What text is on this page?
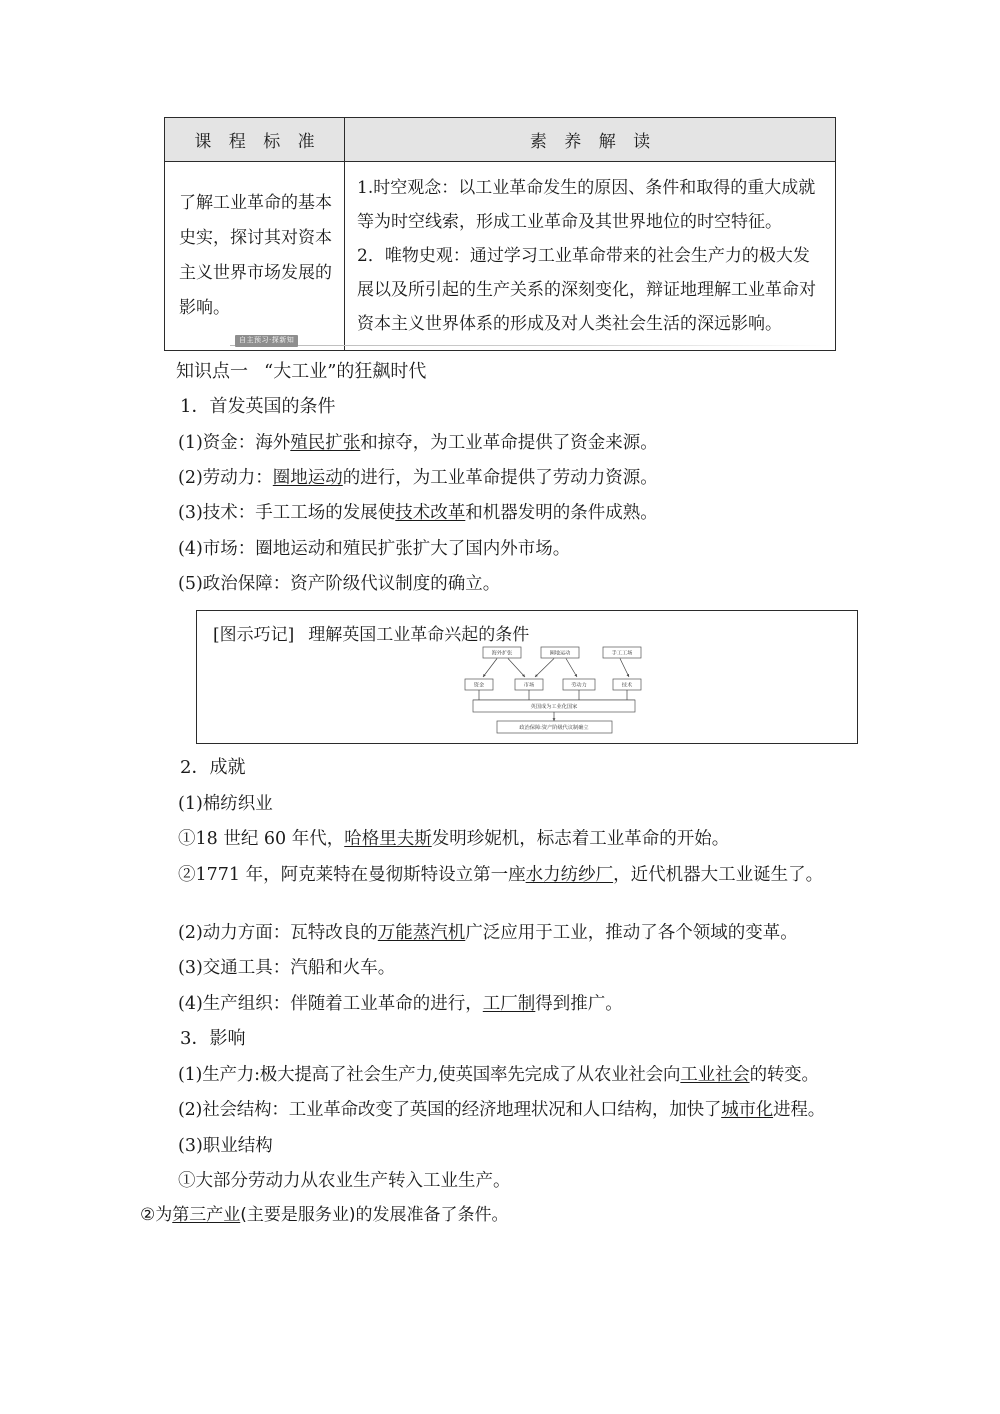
课 程 标 准	素 养 解 读
了解工业革命的基本史实，探讨其对资本主义世界市场发展的影响。	1.时空观念：以工业革命发生的原因、条件和取得的重大成就等为时空线索，形成工业革命及其世界地位的时空特征。

2．唯物史观：通过学习工业革命带来的社会生产力的极大发展以及所引起的生产关系的深刻变化，辩证地理解工业革命对资本主义世界体系的形成及对人类社会生活的深远影响。

自主预习·探新知
知识点一 “大工业”的狂飙时代
1．首发英国的条件
(1)资金：海外殖民扩张和掠夺，为工业革命提供了资金来源。
(2)劳动力：圈地运动的进行，为工业革命提供了劳动力资源。
(3)技术：手工工场的发展使技术改革和机器发明的条件成熟。
(4)市场：圈地运动和殖民扩张扩大了国内外市场。
(5)政治保障：资产阶级代议制度的确立。
[图示巧记] 理解英国工业革命兴起的条件
海外扩张	圈地运动	手工工场
资金	市场	劳动力	技术
英国成为工业化国家
政治保障:资产阶级代议制确立
2．成就
(1)棉纺织业
①18 世纪 60 年代，哈格里夫斯发明珍妮机，标志着工业革命的开始。
②1771 年，阿克莱特在曼彻斯特设立第一座水力纺纱厂，近代机器大工业诞生了。
(2)动力方面：瓦特改良的万能蒸汽机广泛应用于工业，推动了各个领域的变革。
(3)交通工具：汽船和火车。
(4)生产组织：伴随着工业革命的进行，工厂制得到推广。
3．影响
(1)生产力:极大提高了社会生产力,使英国率先完成了从农业社会向工业社会的转变。
(2)社会结构：工业革命改变了英国的经济地理状况和人口结构，加快了城市化进程。
(3)职业结构
①大部分劳动力从农业生产转入工业生产。
②为第三产业(主要是服务业)的发展准备了条件。
